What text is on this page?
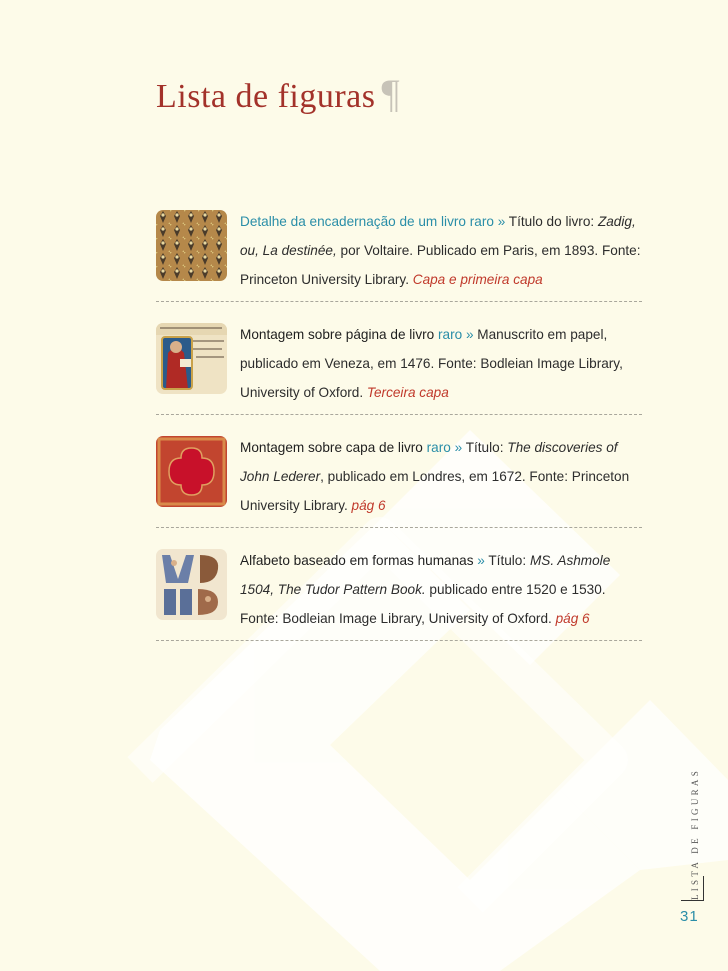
Lista de figuras ¶
Detalhe da encadernação de um livro raro » Título do livro: Zadig, ou, La destinée, por Voltaire. Publicado em Paris, em 1893. Fonte: Princeton University Library. Capa e primeira capa
Montagem sobre página de livro raro » Manuscrito em papel, publicado em Veneza, em 1476. Fonte: Bodleian Image Library, University of Oxford. Terceira capa
Montagem sobre capa de livro raro » Título: The discoveries of John Lederer, publicado em Londres, em 1672. Fonte: Princeton University Library. pág 6
Alfabeto baseado em formas humanas » Título: MS. Ashmole 1504, The Tudor Pattern Book. publicado entre 1520 e 1530. Fonte: Bodleian Image Library, University of Oxford. pág 6
LISTA DE FIGURAS
31
